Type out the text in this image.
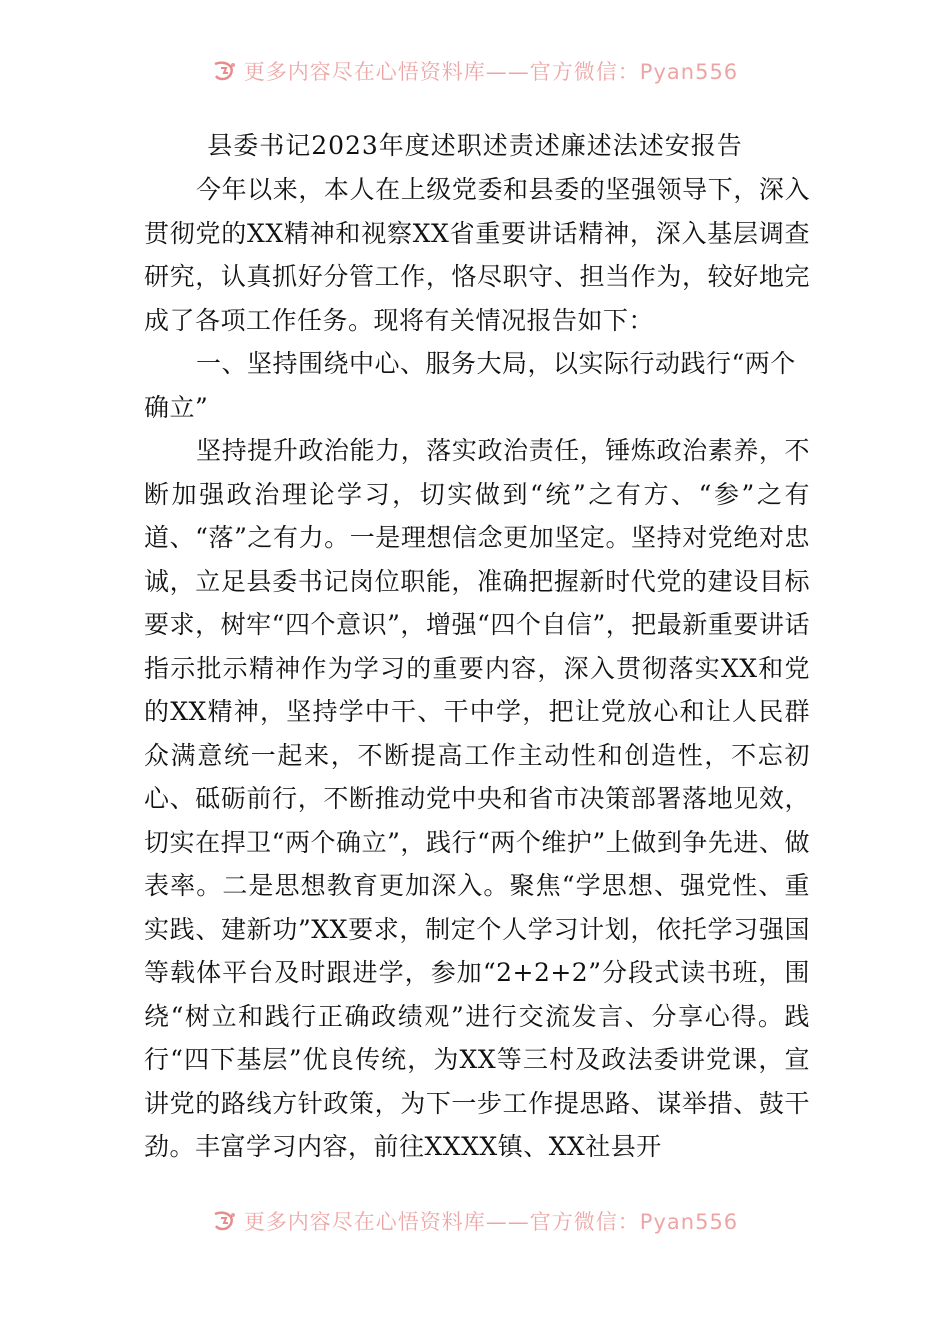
更多内容尽在心悟资料库——官方微信：Pyan556
县委书记2023年度述职述责述廉述法述安报告

今年以来，本人在上级党委和县委的坚强领导下，深入贯彻党的XX精神和视察XX省重要讲话精神，深入基层调查研究，认真抓好分管工作，恪尽职守、担当作为，较好地完成了各项工作任务。现将有关情况报告如下：

一、坚持围绕中心、服务大局，以实际行动践行“两个确立”

坚持提升政治能力，落实政治责任，锤炼政治素养，不断加强政治理论学习，切实做到“统”之有方、“参”之有道、“落”之有力。一是理想信念更加坚定。坚持对党绝对忠诚，立足县委书记岗位职能，准确把握新时代党的建设目标要求，树牢“四个意识”，增强“四个自信”，把最新重要讲话指示批示精神作为学习的重要内容，深入贯彻落实XX和党的XX精神，坚持学中干、干中学，把让党放心和让人民群众满意统一起来，不断提高工作主动性和创造性，不忘初心、砥砺前行，不断推动党中央和省市决策部署落地见效，切实在捍卫“两个确立”，践行“两个维护”上做到争先进、做表率。二是思想教育更加深入。聚焦“学思想、强党性、重实践、建新功”XX要求，制定个人学习计划，依托学习强国等载体平台及时跟进学，参加“2+2+2”分段式读书班，围绕“树立和践行正确政绩观”进行交流发言、分享心得。践行“四下基层”优良传统，为XX等三村及政法委讲党课，宣讲党的路线方针政策，为下一步工作提思路、谋举措、鼓干劲。丰富学习内容，前往XXXX镇、XX社县开

更多内容尽在心悟资料库——官方微信：Pyan556
